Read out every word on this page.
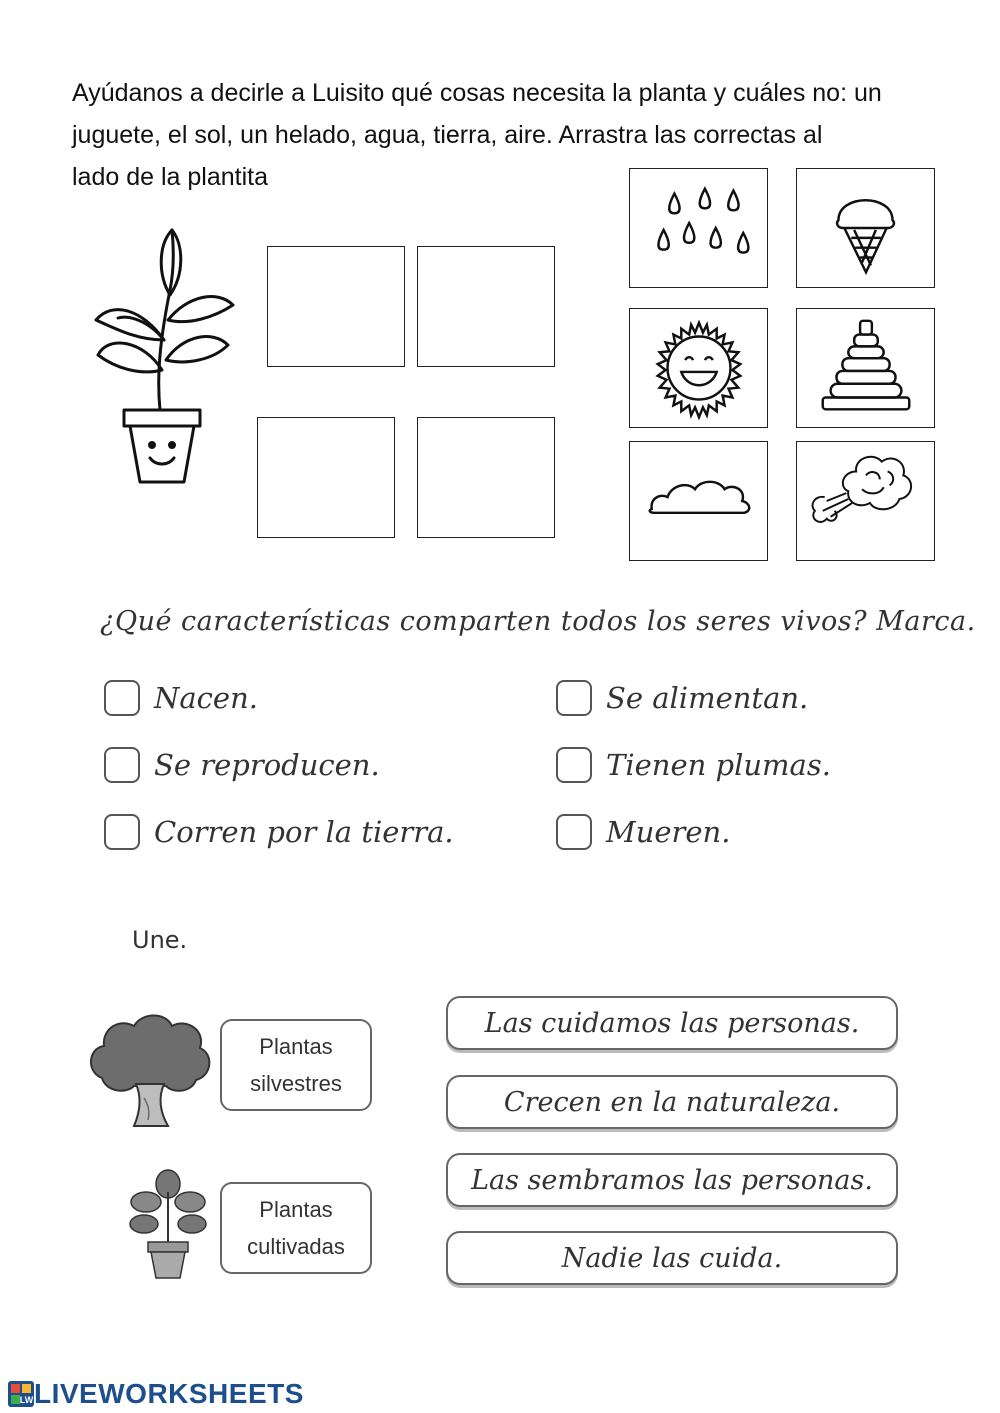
Ayúdanos a decirle a Luisito qué cosas necesita la planta y cuáles no: un
juguete, el sol, un helado, agua, tierra, aire. Arrastra las correctas al
lado de la plantita
¿Qué características comparten todos los seres vivos? Marca.
Nacen.	Se alimentan.
Se reproducen.	Tienen plumas.
Corren por la tierra.	Mueren.
Une.
Plantas
silvestres
Plantas
cultivadas
Las cuidamos las personas.
Crecen en la naturaleza.
Las sembramos las personas.
Nadie las cuida.
LW LIVEWORKSHEETS
